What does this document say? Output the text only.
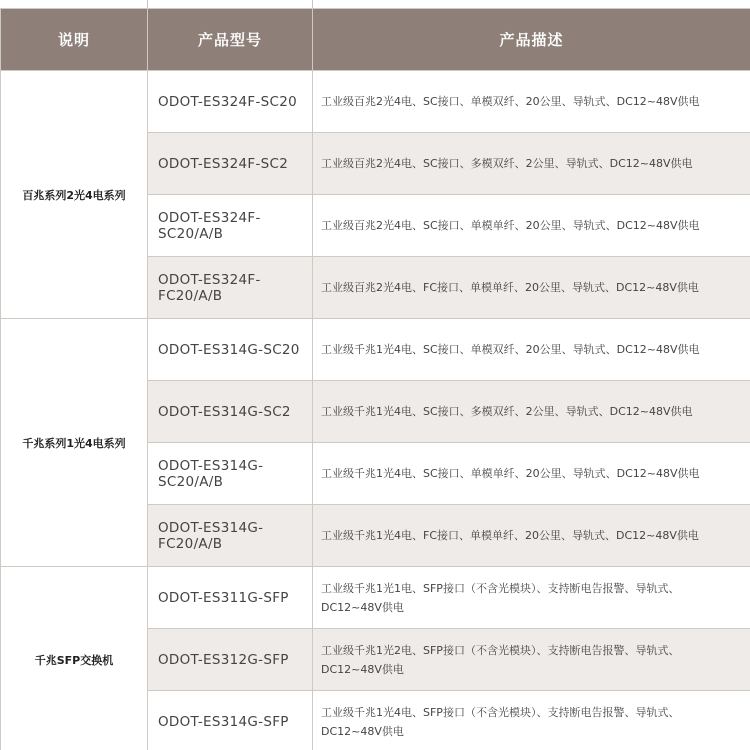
说明	产品型号	产品描述
百兆系列2光4电系列	ODOT-ES324F-SC20	工业级百兆2光4电、SC接口、单模双纤、20公里、导轨式、DC12~48V供电
	ODOT-ES324F-SC2	工业级百兆2光4电、SC接口、多模双纤、2公里、导轨式、DC12~48V供电
	ODOT-ES324F-SC20/A/B	工业级百兆2光4电、SC接口、单模单纤、20公里、导轨式、DC12~48V供电
	ODOT-ES324F-FC20/A/B	工业级百兆2光4电、FC接口、单模单纤、20公里、导轨式、DC12~48V供电
千兆系列1光4电系列	ODOT-ES314G-SC20	工业级千兆1光4电、SC接口、单模双纤、20公里、导轨式、DC12~48V供电
	ODOT-ES314G-SC2	工业级千兆1光4电、SC接口、多模双纤、2公里、导轨式、DC12~48V供电
	ODOT-ES314G-SC20/A/B	工业级千兆1光4电、SC接口、单模单纤、20公里、导轨式、DC12~48V供电
	ODOT-ES314G-FC20/A/B	工业级千兆1光4电、FC接口、单模单纤、20公里、导轨式、DC12~48V供电
千兆SFP交换机	ODOT-ES311G-SFP	工业级千兆1光1电、SFP接口（不含光模块）、支持断电告报警、导轨式、
DC12~48V供电

	ODOT-ES312G-SFP	工业级千兆1光2电、SFP接口（不含光模块）、支持断电告报警、导轨式、
DC12~48V供电

	ODOT-ES314G-SFP	工业级千兆1光4电、SFP接口（不含光模块）、支持断电告报警、导轨式、
DC12~48V供电
